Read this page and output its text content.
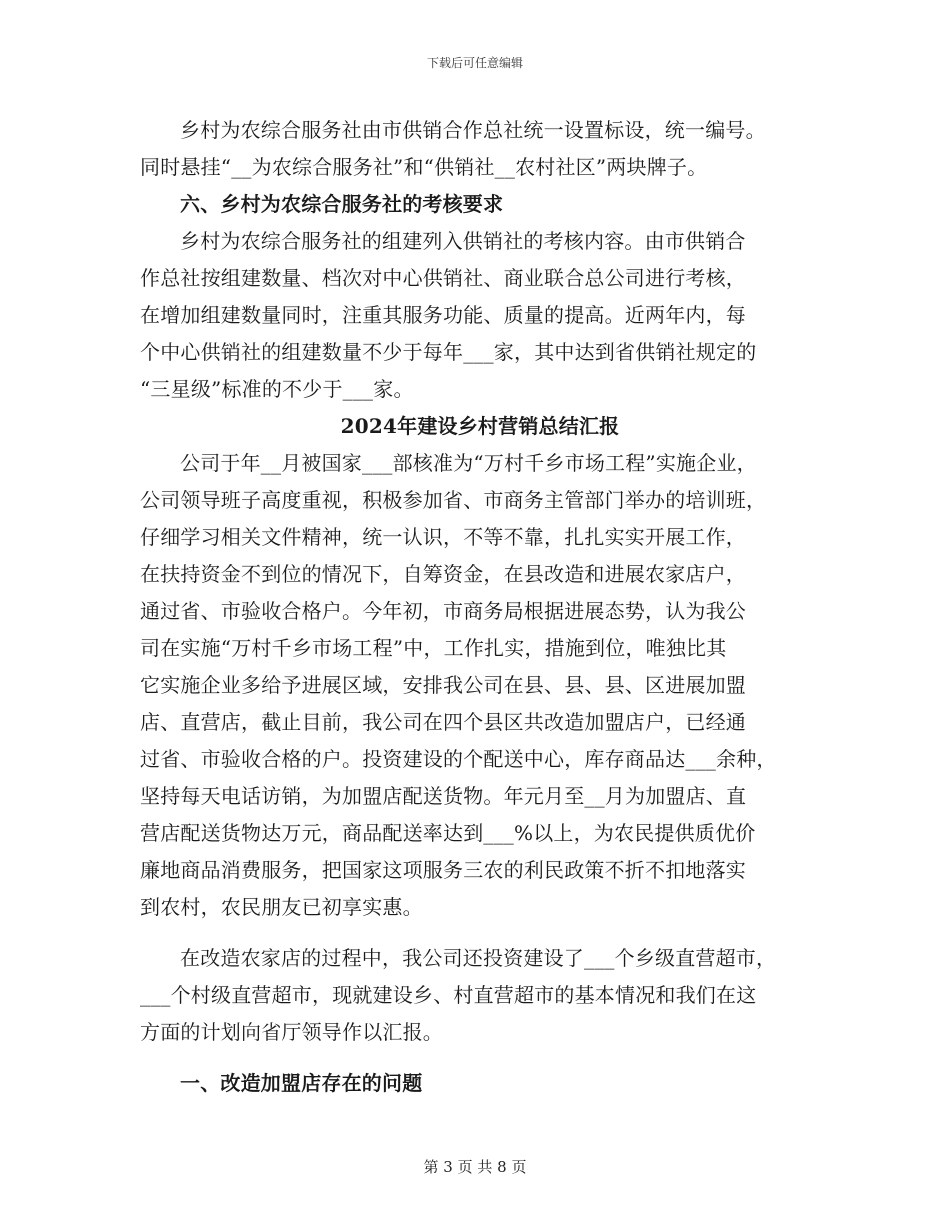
下载后可任意编辑
乡村为农综合服务社由市供销合作总社统一设置标设，统一编号。
同时悬挂“__为农综合服务社”和“供销社__农村社区”两块牌子。
六、乡村为农综合服务社的考核要求
乡村为农综合服务社的组建列入供销社的考核内容。由市供销合
作总社按组建数量、档次对中心供销社、商业联合总公司进行考核，
在增加组建数量同时，注重其服务功能、质量的提高。近两年内，每
个中心供销社的组建数量不少于每年___家，其中达到省供销社规定的
“三星级”标准的不少于___家。
2024年建设乡村营销总结汇报
公司于年__月被国家___部核准为“万村千乡市场工程”实施企业，
公司领导班子高度重视，积极参加省、市商务主管部门举办的培训班，
仔细学习相关文件精神，统一认识，不等不靠，扎扎实实开展工作，
在扶持资金不到位的情况下，自筹资金，在县改造和进展农家店户，
通过省、市验收合格户。今年初，市商务局根据进展态势，认为我公
司在实施“万村千乡市场工程”中，工作扎实，措施到位，唯独比其
它实施企业多给予进展区域，安排我公司在县、县、县、区进展加盟
店、直营店，截止目前，我公司在四个县区共改造加盟店户，已经通
过省、市验收合格的户。投资建设的个配送中心，库存商品达___余种，
坚持每天电话访销，为加盟店配送货物。年元月至__月为加盟店、直
营店配送货物达万元，商品配送率达到___%以上，为农民提供质优价
廉地商品消费服务，把国家这项服务三农的利民政策不折不扣地落实
到农村，农民朋友已初享实惠。
在改造农家店的过程中，我公司还投资建设了___个乡级直营超市，
___个村级直营超市，现就建设乡、村直营超市的基本情况和我们在这
方面的计划向省厅领导作以汇报。
一、改造加盟店存在的问题
第 3 页 共 8 页
